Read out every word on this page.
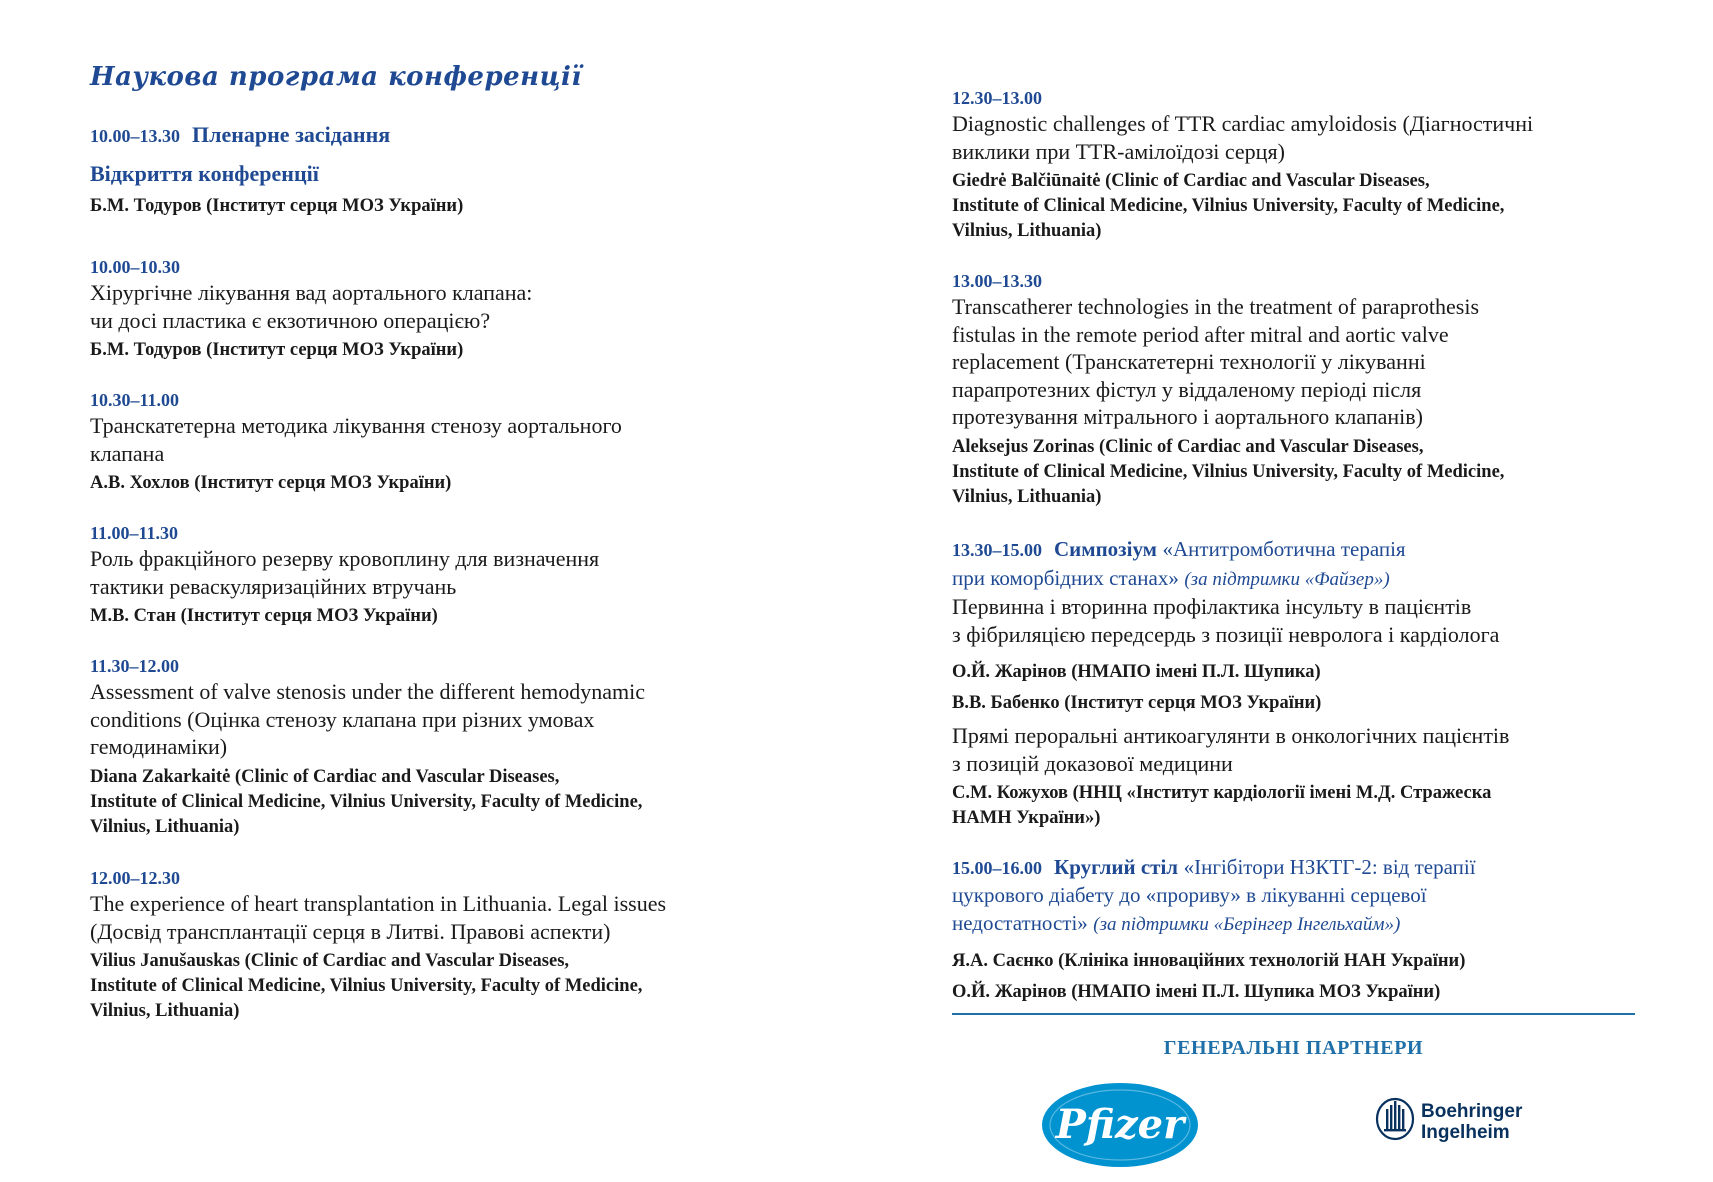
Наукова програма конференції
10.00–13.30 Пленарне засідання
Відкриття конференції
Б.М. Тодуров (Інститут серця МОЗ України)
10.00–10.30
Хірургічне лікування вад аортального клапана:
чи досі пластика є екзотичною операцією?
Б.М. Тодуров (Інститут серця МОЗ України)
10.30–11.00
Транскатетерна методика лікування стенозу аортального
клапана
А.В. Хохлов (Інститут серця МОЗ України)
11.00–11.30
Роль фракційного резерву кровоплину для визначення
тактики реваскуляризаційних втручань
М.В. Стан (Інститут серця МОЗ України)
11.30–12.00
Assessment of valve stenosis under the different hemodynamic
conditions (Оцінка стенозу клапана при різних умовах
гемодинаміки)
Diana Zakarkaitė (Clinic of Cardiac and Vascular Diseases,
Institute of Clinical Medicine, Vilnius University, Faculty of Medicine,
Vilnius, Lithuania)
12.00–12.30
The experience of heart transplantation in Lithuania. Legal issues
(Досвід трансплантації серця в Литві. Правові аспекти)
Vilius Janušauskas (Clinic of Cardiac and Vascular Diseases,
Institute of Clinical Medicine, Vilnius University, Faculty of Medicine,
Vilnius, Lithuania)
12.30–13.00
Diagnostic challenges of TTR cardiac amyloidosis (Діагностичні
виклики при TTR-амілоїдозі серця)
Giedrė Balčiūnaitė (Clinic of Cardiac and Vascular Diseases,
Institute of Clinical Medicine, Vilnius University, Faculty of Medicine,
Vilnius, Lithuania)
13.00–13.30
Transcatherer technologies in the treatment of paraprothesis
fistulas in the remote period after mitral and aortic valve
replacement (Транскатетерні технології у лікуванні
парапротезних фістул у віддаленому періоді після
протезування мітрального і аортального клапанів)
Aleksejus Zorinas (Clinic of Cardiac and Vascular Diseases,
Institute of Clinical Medicine, Vilnius University, Faculty of Medicine,
Vilnius, Lithuania)
13.30–15.00 Симпозіум «Антитромботична терапія
при коморбідних станах» (за підтримки «Файзер»)
Первинна і вторинна профілактика інсульту в пацієнтів
з фібриляцією передсердь з позиції невролога і кардіолога
О.Й. Жарінов (НМАПО імені П.Л. Шупика)
В.В. Бабенко (Інститут серця МОЗ України)
Прямі пероральні антикоагулянти в онкологічних пацієнтів
з позицій доказової медицини
С.М. Кожухов (ННЦ «Інститут кардіології імені М.Д. Стражеска
НАМН України»)
15.00–16.00 Круглий стіл «Інгібітори НЗКТГ-2: від терапії
цукрового діабету до «прориву» в лікуванні серцевої
недостатності» (за підтримки «Берінгер Інгельхайм»)
Я.А. Саєнко (Клініка інноваційних технологій НАН України)
О.Й. Жарінов (НМАПО імені П.Л. Шупика МОЗ України)
ГЕНЕРАЛЬНІ ПАРТНЕРИ
Pfizer	Boehringer
Ingelheim
